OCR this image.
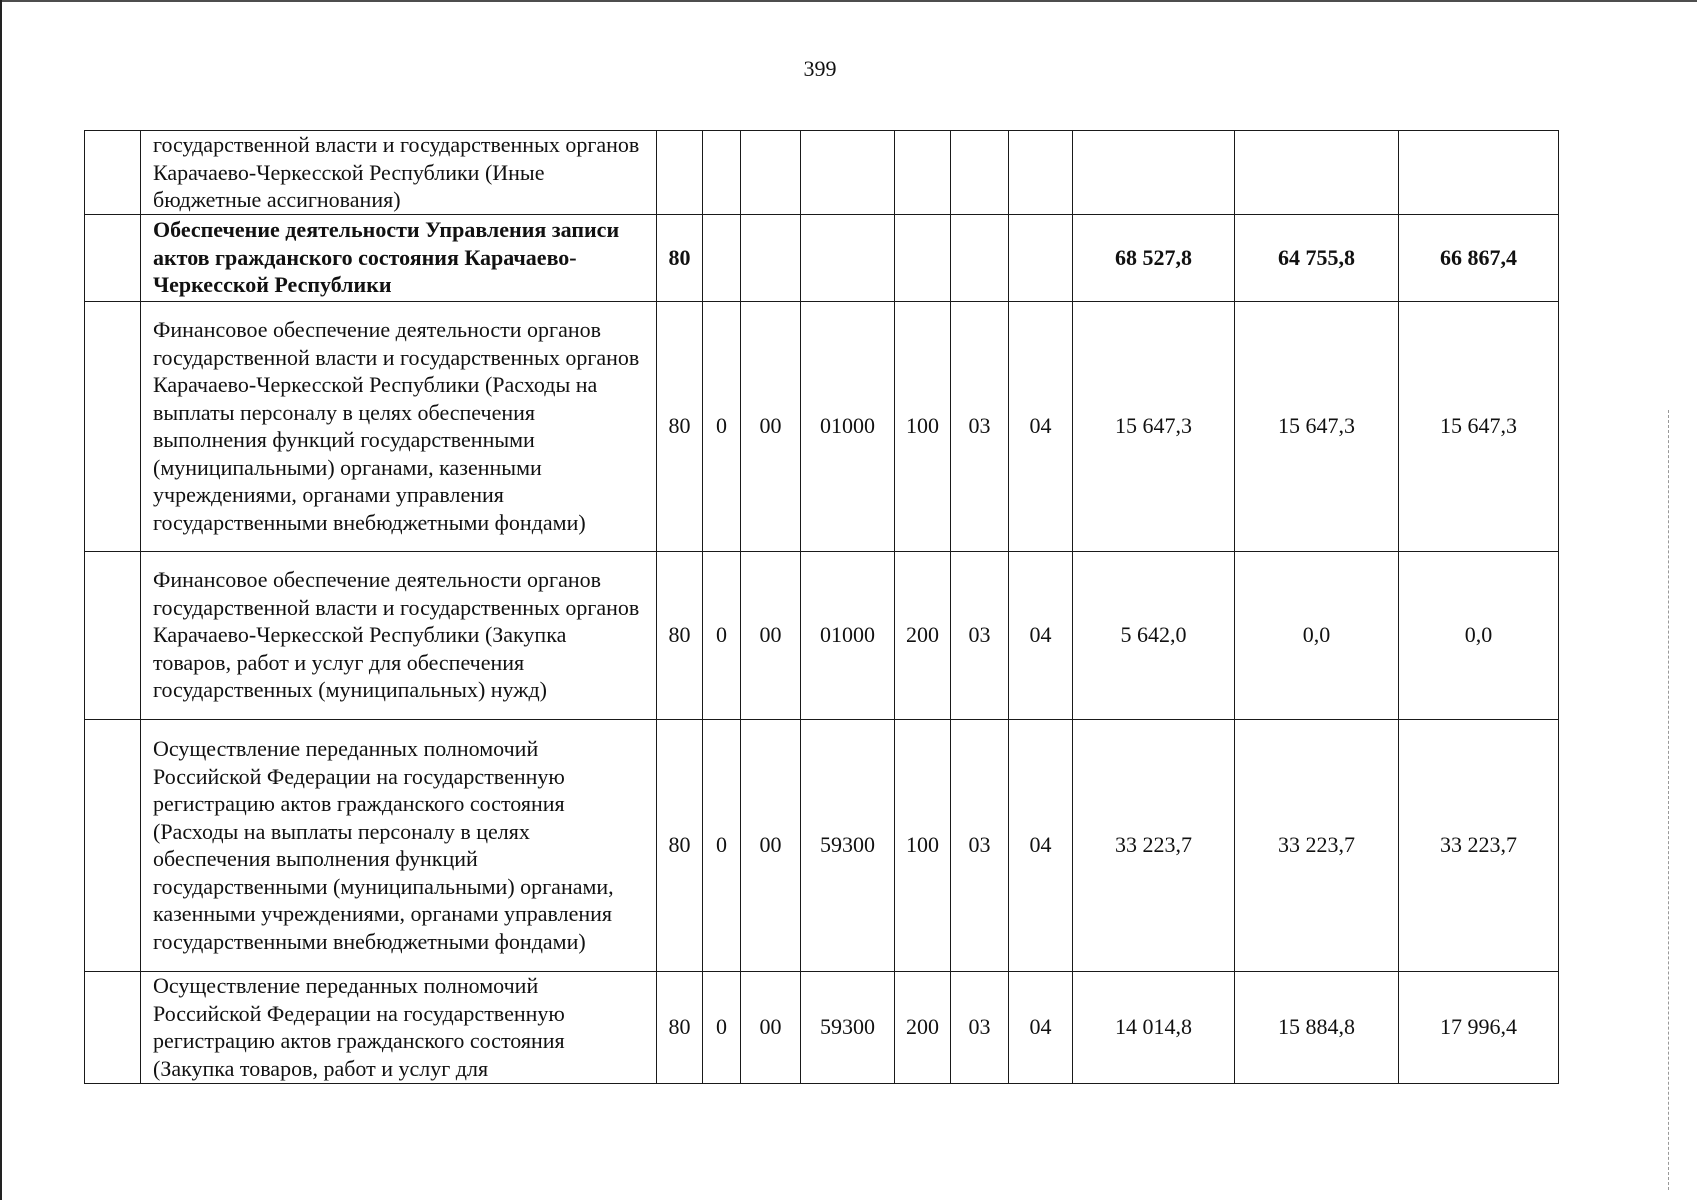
399
	государственной власти и государственных органов Карачаево-Черкесской Республики (Иные бюджетные ассигнования)										
	Обеспечение деятельности Управления записи актов гражданского состояния Карачаево-Черкесской Республики	80							68 527,8	64 755,8	66 867,4
	Финансовое обеспечение деятельности органов государственной власти и государственных органов Карачаево-Черкесской Республики (Расходы на выплаты персоналу в целях обеспечения выполнения функций государственными (муниципальными) органами, казенными учреждениями, органами управления государственными внебюджетными фондами)	80	0	00	01000	100	03	04	15 647,3	15 647,3	15 647,3
	Финансовое обеспечение деятельности органов государственной власти и государственных органов Карачаево-Черкесской Республики (Закупка товаров, работ и услуг для обеспечения государственных (муниципальных) нужд)	80	0	00	01000	200	03	04	5 642,0	0,0	0,0
	Осуществление переданных полномочий Российской Федерации на государственную регистрацию актов гражданского состояния (Расходы на выплаты персоналу в целях обеспечения выполнения функций государственными (муниципальными) органами, казенными учреждениями, органами управления государственными внебюджетными фондами)	80	0	00	59300	100	03	04	33 223,7	33 223,7	33 223,7
	Осуществление переданных полномочий Российской Федерации на государственную регистрацию актов гражданского состояния (Закупка товаров, работ и услуг для	80	0	00	59300	200	03	04	14 014,8	15 884,8	17 996,4
